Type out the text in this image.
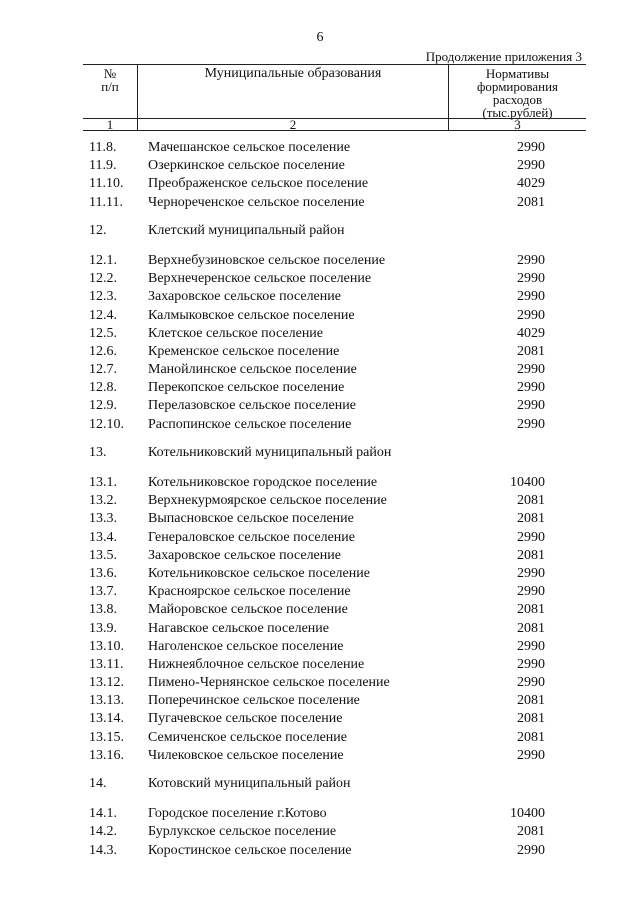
6
Продолжение приложения 3
№
п/п
Муниципальные образования	Нормативы
формирования
расходов
(тыс.рублей)
1	2	3
11.8. Мачешанское сельское поселение	2990
11.9. Озеркинское сельское поселение	2990
11.10. Преображенское сельское поселение	4029
11.11. Чернореченское сельское поселение	2081
12.	Клетский муниципальный район
12.1. Верхнебузиновское сельское поселение	2990
12.2. Верхнечеренское сельское поселение	2990
12.3. Захаровское сельское поселение	2990
12.4. Калмыковское сельское поселение	2990
12.5. Клетское сельское поселение	4029
12.6. Кременское сельское поселение	2081
12.7. Манойлинское сельское поселение	2990
12.8. Перекопское сельское поселение	2990
12.9. Перелазовское сельское поселение	2990
12.10. Распопинское сельское поселение	2990
13.	Котельниковский муниципальный район
13.1. Котельниковское городское поселение	10400
13.2. Верхнекурмоярское сельское поселение	2081
13.3. Выпасновское сельское поселение	2081
13.4. Генераловское сельское поселение	2990
13.5. Захаровское сельское поселение	2081
13.6. Котельниковское сельское поселение	2990
13.7. Красноярское сельское поселение	2990
13.8. Майоровское сельское поселение	2081
13.9. Нагавское сельское поселение	2081
13.10. Наголенское сельское поселение	2990
13.11. Нижнеяблочное сельское поселение	2990
13.12. Пимено-Чернянское сельское поселение	2990
13.13. Поперечинское сельское поселение	2081
13.14. Пугачевское сельское поселение	2081
13.15. Семиченское сельское поселение	2081
13.16. Чилековское сельское поселение	2990
14.	Котовский муниципальный район
14.1. Городское поселение г.Котово	10400
14.2. Бурлукское сельское поселение	2081
14.3. Коростинское сельское поселение	2990
